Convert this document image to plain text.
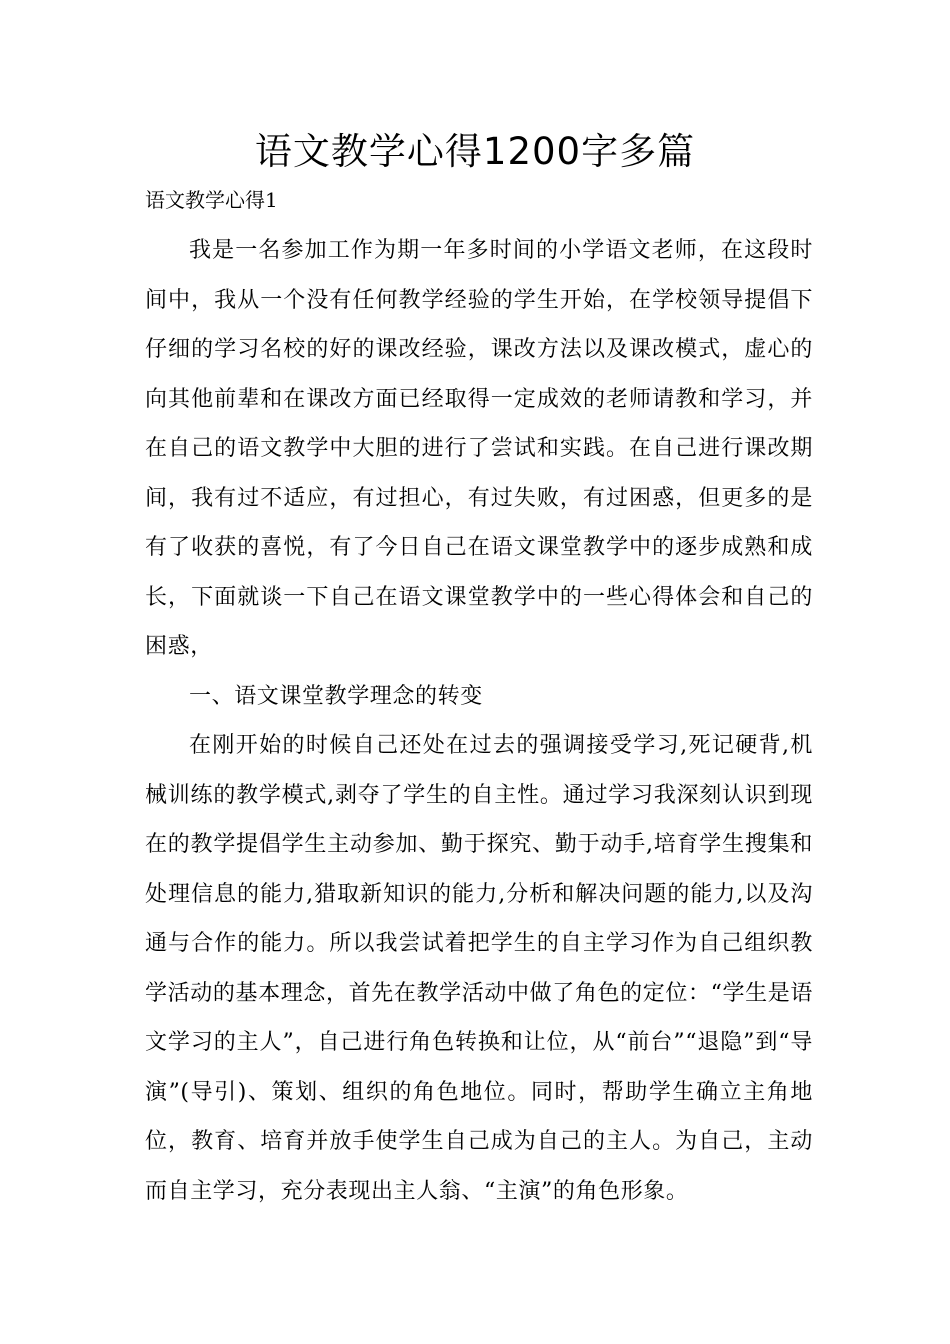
语文教学心得1200字多篇
语文教学心得1

我是一名参加工作为期一年多时间的小学语文老师，在这段时间中，我从一个没有任何教学经验的学生开始，在学校领导提倡下仔细的学习名校的好的课改经验，课改方法以及课改模式，虚心的向其他前辈和在课改方面已经取得一定成效的老师请教和学习，并在自己的语文教学中大胆的进行了尝试和实践。在自己进行课改期间，我有过不适应，有过担心，有过失败，有过困惑，但更多的是有了收获的喜悦，有了今日自己在语文课堂教学中的逐步成熟和成长，下面就谈一下自己在语文课堂教学中的一些心得体会和自己的困惑，

一、语文课堂教学理念的转变

在刚开始的时候自己还处在过去的强调接受学习,死记硬背,机械训练的教学模式,剥夺了学生的自主性。通过学习我深刻认识到现在的教学提倡学生主动参加、勤于探究、勤于动手,培育学生搜集和处理信息的能力,猎取新知识的能力,分析和解决问题的能力,以及沟通与合作的能力。所以我尝试着把学生的自主学习作为自己组织教学活动的基本理念，首先在教学活动中做了角色的定位：“学生是语文学习的主人”，自己进行角色转换和让位，从“前台”“退隐”到“导演”(导引)、策划、组织的角色地位。同时，帮助学生确立主角地位，教育、培育并放手使学生自己成为自己的主人。为自己，主动而自主学习，充分表现出主人翁、“主演”的角色形象。
